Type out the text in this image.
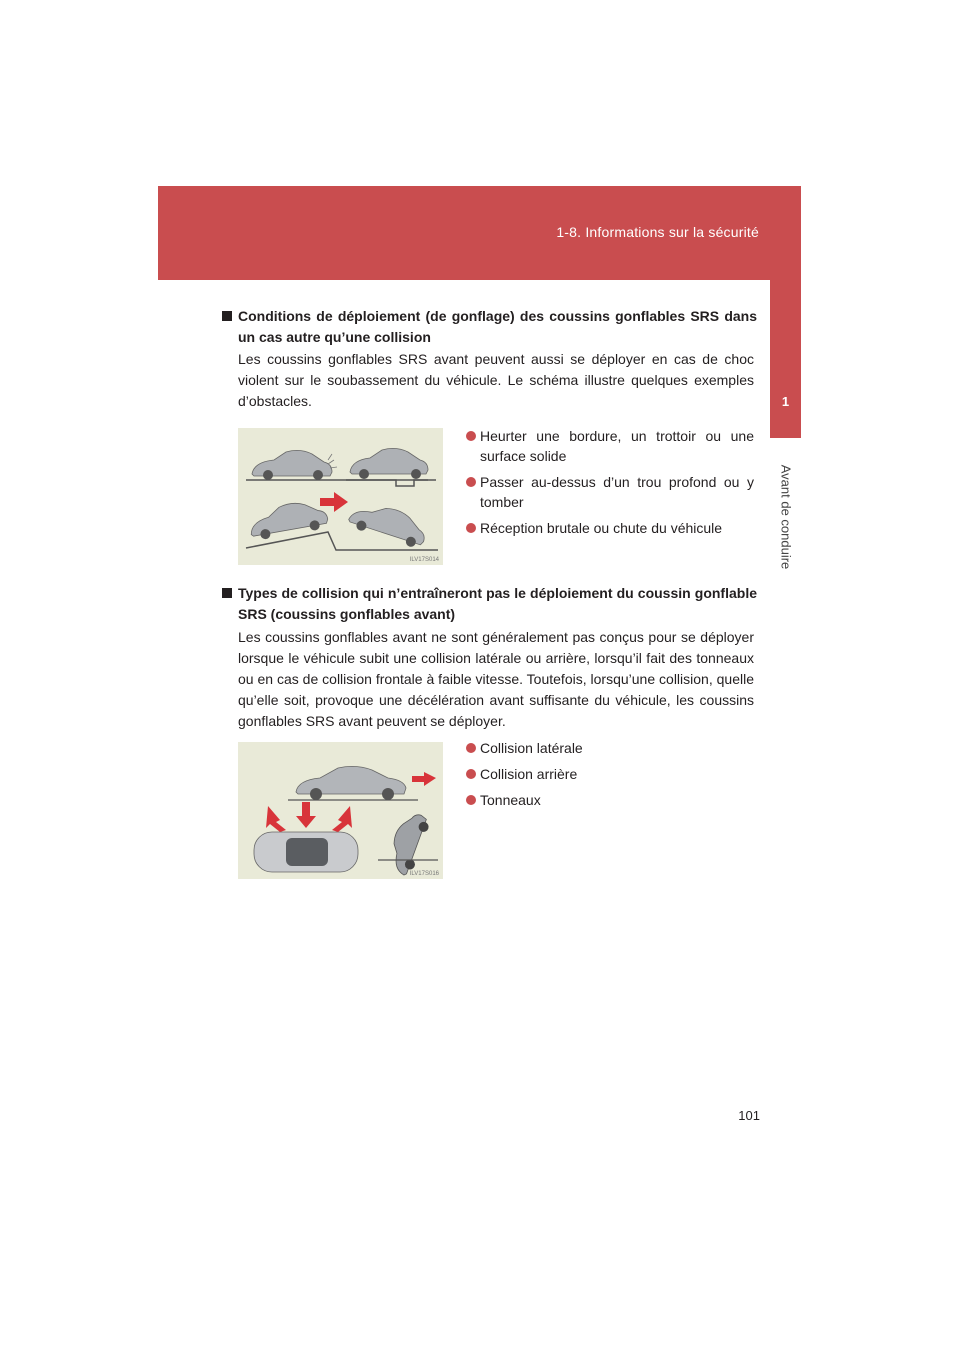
1-8. Informations sur la sécurité
1
Avant de conduire
Conditions de déploiement (de gonflage) des coussins gonflables SRS dans un cas autre qu’une collision
Les coussins gonflables SRS avant peuvent aussi se déployer en cas de choc violent sur le soubassement du véhicule. Le schéma illustre quelques exemples d’obstacles.
ILV17S014
Heurter une bordure, un trottoir ou une surface solide
Passer au-dessus d’un trou profond ou y tomber
Réception brutale ou chute du véhicule
Types de collision qui n’entraîneront pas le déploiement du coussin gonflable SRS (coussins gonflables avant)
Les coussins gonflables avant ne sont généralement pas conçus pour se déployer lorsque le véhicule subit une collision latérale ou arrière, lorsqu’il fait des tonneaux ou en cas de collision frontale à faible vitesse. Toutefois, lorsqu’une collision, quelle qu’elle soit, provoque une décélération avant suffisante du véhicule, les coussins gonflables SRS avant peuvent se déployer.
ILV17S016
Collision latérale
Collision arrière
Tonneaux
101
